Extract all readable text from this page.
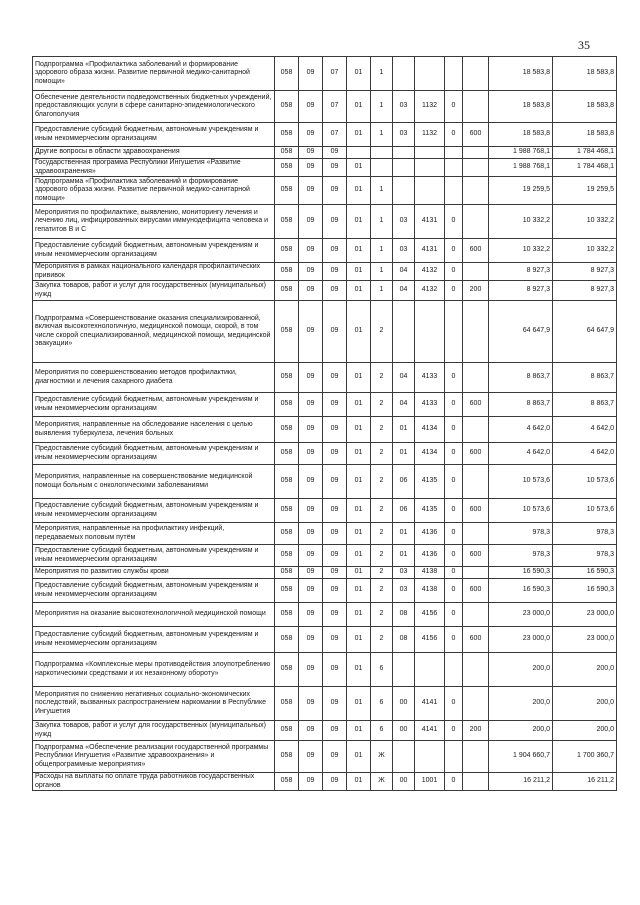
35
Подпрограмма «Профилактика заболеваний и формирование здорового образа жизни. Развитие первичной медико-санитарной помощи»	058	09	07	01	1					18 583,8	18 583,8
Обеспечение деятельности подведомственных бюджетных учреждений, предоставляющих услуги в сфере санитарно-эпидемиологического благополучия	058	09	07	01	1	03	1132	0		18 583,8	18 583,8
Предоставление субсидий бюджетным, автономным учреждениям и иным некоммерческим организациям	058	09	07	01	1	03	1132	0	600	18 583,8	18 583,8
Другие вопросы в области здравоохранения	058	09	09							1 988 768,1	1 784 468,1
Государственная программа Республики Ингушетия «Развитие здравоохранения»	058	09	09	01						1 988 768,1	1 784 468,1
Подпрограмма «Профилактика заболеваний и формирование здорового образа жизни. Развитие первичной медико-санитарной помощи»	058	09	09	01	1					19 259,5	19 259,5
Мероприятия по профилактике, выявлению, мониторингу лечения и лечению лиц, инфицированных вирусами иммунодефицита человека и гепатитов В и С	058	09	09	01	1	03	4131	0		10 332,2	10 332,2
Предоставление субсидий бюджетным, автономным учреждениям и иным некоммерческим организациям	058	09	09	01	1	03	4131	0	600	10 332,2	10 332,2
Мероприятия в рамках национального календаря профилактических прививок	058	09	09	01	1	04	4132	0		8 927,3	8 927,3
Закупка товаров, работ и услуг для государственных (муниципальных) нужд	058	09	09	01	1	04	4132	0	200	8 927,3	8 927,3
Подпрограмма «Совершенствование оказания специализированной, включая высокотехнологичную, медицинской помощи, скорой, в том числе скорой специализированной, медицинской помощи, медицинской эвакуации»	058	09	09	01	2					64 647,9	64 647,9
Мероприятия по совершенствованию методов профилактики, диагностики и лечения сахарного диабета	058	09	09	01	2	04	4133	0		8 863,7	8 863,7
Предоставление субсидий бюджетным, автономным учреждениям и иным некоммерческим организациям	058	09	09	01	2	04	4133	0	600	8 863,7	8 863,7
Мероприятия, направленные на обследование населения с целью выявления туберкулеза, лечения больных	058	09	09	01	2	01	4134	0		4 642,0	4 642,0
Предоставление субсидий бюджетным, автономным учреждениям и иным некоммерческим организациям	058	09	09	01	2	01	4134	0	600	4 642,0	4 642,0
Мероприятия, направленные на совершенствование медицинской помощи больным с онкологическими заболеваниями	058	09	09	01	2	06	4135	0		10 573,6	10 573,6
Предоставление субсидий бюджетным, автономным учреждениям и иным некоммерческим организациям	058	09	09	01	2	06	4135	0	600	10 573,6	10 573,6
Мероприятия, направленные на профилактику инфекций, передаваемых половым путём	058	09	09	01	2	01	4136	0		978,3	978,3
Предоставление субсидий бюджетным, автономным учреждениям и иным некоммерческим организациям	058	09	09	01	2	01	4136	0	600	978,3	978,3
Мероприятия по развитию службы крови	058	09	09	01	2	03	4138	0		16 590,3	16 590,3
Предоставление субсидий бюджетным, автономным учреждениям и иным некоммерческим организациям	058	09	09	01	2	03	4138	0	600	16 590,3	16 590,3
Мероприятия на оказание высокотехнологичной медицинской помощи	058	09	09	01	2	08	4156	0		23 000,0	23 000,0
Предоставление субсидий бюджетным, автономным учреждениям и иным некоммерческим организациям	058	09	09	01	2	08	4156	0	600	23 000,0	23 000,0
Подпрограмма «Комплексные меры противодействия злоупотреблению наркотическими средствами и их незаконному обороту»	058	09	09	01	6					200,0	200,0
Мероприятия по снижению негативных социально-экономических последствий, вызванных распространением наркомании в Республике Ингушетия	058	09	09	01	6	00	4141	0		200,0	200,0
Закупка товаров, работ и услуг для государственных (муниципальных) нужд	058	09	09	01	6	00	4141	0	200	200,0	200,0
Подпрограмма «Обеспечение реализации государственной программы Республики Ингушетия «Развитие здравоохранения» и общепрограммные мероприятия»	058	09	09	01	Ж					1 904 660,7	1 700 360,7
Расходы на выплаты по оплате труда работников государственных органов	058	09	09	01	Ж	00	1001	0		16 211,2	16 211,2
